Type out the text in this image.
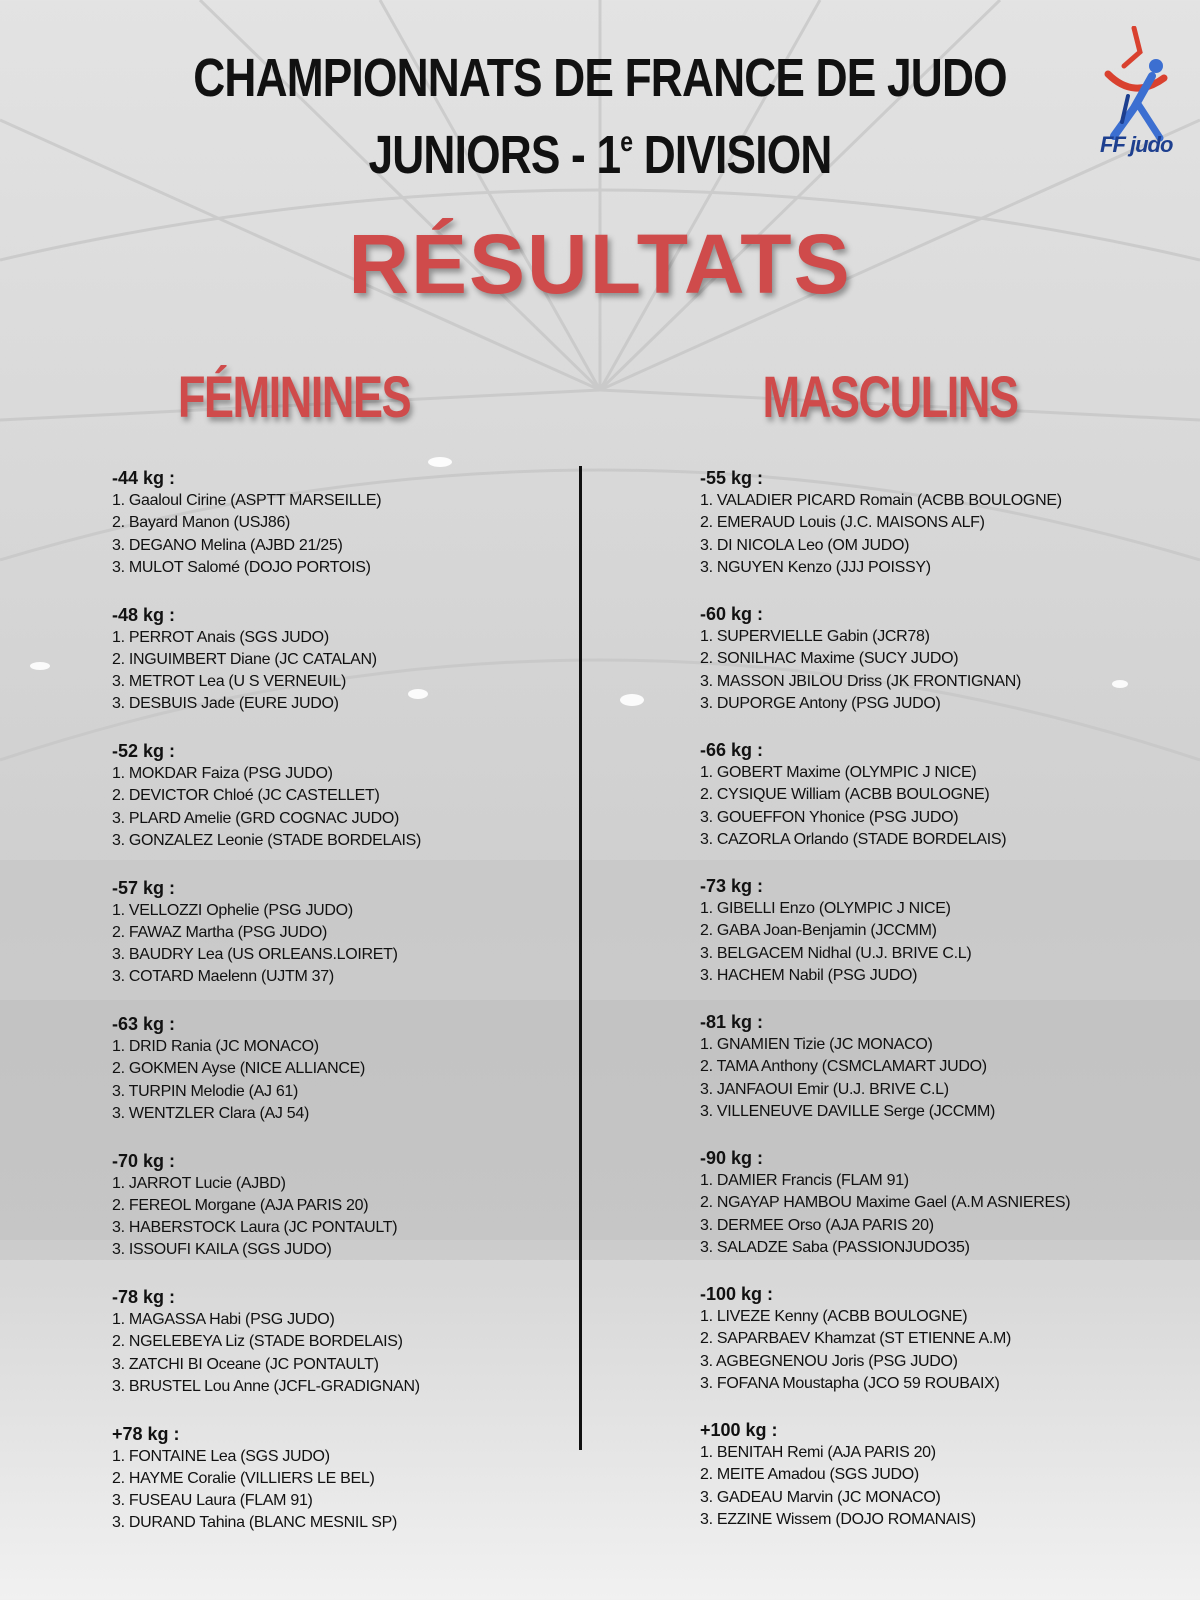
CHAMPIONNATS DE FRANCE DE JUDO
JUNIORS - 1e DIVISION
RÉSULTATS
FF judo
FÉMININES	MASCULINS
-44 kg :
1. Gaaloul Cirine (ASPTT MARSEILLE)
2. Bayard Manon (USJ86)
3. DEGANO Melina (AJBD 21/25)
3. MULOT Salomé (DOJO PORTOIS)
-48 kg :
1. PERROT Anais (SGS JUDO)
2. INGUIMBERT Diane (JC CATALAN)
3. METROT Lea (U S VERNEUIL)
3. DESBUIS Jade (EURE JUDO)
-52 kg :
1. MOKDAR Faiza (PSG JUDO)
2. DEVICTOR Chloé (JC CASTELLET)
3. PLARD Amelie (GRD COGNAC JUDO)
3. GONZALEZ Leonie (STADE BORDELAIS)
-57 kg :
1. VELLOZZI Ophelie (PSG JUDO)
2. FAWAZ Martha (PSG JUDO)
3. BAUDRY Lea (US ORLEANS.LOIRET)
3. COTARD Maelenn (UJTM 37)
-63 kg :
1. DRID Rania (JC MONACO)
2. GOKMEN Ayse (NICE ALLIANCE)
3. TURPIN Melodie (AJ 61)
3. WENTZLER Clara (AJ 54)
-70 kg :
1. JARROT Lucie (AJBD)
2. FEREOL Morgane (AJA PARIS 20)
3. HABERSTOCK Laura (JC PONTAULT)
3. ISSOUFI KAILA (SGS JUDO)
-78 kg :
1. MAGASSA Habi (PSG JUDO)
2. NGELEBEYA Liz (STADE BORDELAIS)
3. ZATCHI BI Oceane (JC PONTAULT)
3. BRUSTEL Lou Anne (JCFL-GRADIGNAN)
+78 kg :
1. FONTAINE Lea (SGS JUDO)
2. HAYME Coralie (VILLIERS LE BEL)
3. FUSEAU Laura (FLAM 91)
3. DURAND Tahina (BLANC MESNIL SP)
-55 kg :
1. VALADIER PICARD Romain (ACBB BOULOGNE)
2. EMERAUD Louis (J.C. MAISONS ALF)
3. DI NICOLA Leo (OM JUDO)
3. NGUYEN Kenzo (JJJ POISSY)
-60 kg :
1. SUPERVIELLE Gabin (JCR78)
2. SONILHAC Maxime (SUCY JUDO)
3. MASSON JBILOU Driss (JK FRONTIGNAN)
3. DUPORGE Antony (PSG JUDO)
-66 kg :
1. GOBERT Maxime (OLYMPIC J NICE)
2. CYSIQUE William (ACBB BOULOGNE)
3. GOUEFFON Yhonice (PSG JUDO)
3. CAZORLA Orlando (STADE BORDELAIS)
-73 kg :
1. GIBELLI Enzo (OLYMPIC J NICE)
2. GABA Joan-Benjamin (JCCMM)
3. BELGACEM Nidhal (U.J. BRIVE C.L)
3. HACHEM Nabil (PSG JUDO)
-81 kg :
1. GNAMIEN Tizie (JC MONACO)
2. TAMA Anthony (CSMCLAMART JUDO)
3. JANFAOUI Emir (U.J. BRIVE C.L)
3. VILLENEUVE DAVILLE Serge (JCCMM)
-90 kg :
1. DAMIER Francis (FLAM 91)
2. NGAYAP HAMBOU Maxime Gael (A.M ASNIERES)
3. DERMEE Orso (AJA PARIS 20)
3. SALADZE Saba (PASSIONJUDO35)
-100 kg :
1. LIVEZE Kenny (ACBB BOULOGNE)
2. SAPARBAEV Khamzat (ST ETIENNE A.M)
3. AGBEGNENOU Joris (PSG JUDO)
3. FOFANA Moustapha (JCO 59 ROUBAIX)
+100 kg :
1. BENITAH Remi (AJA PARIS 20)
2. MEITE Amadou (SGS JUDO)
3. GADEAU Marvin (JC MONACO)
3. EZZINE Wissem (DOJO ROMANAIS)
